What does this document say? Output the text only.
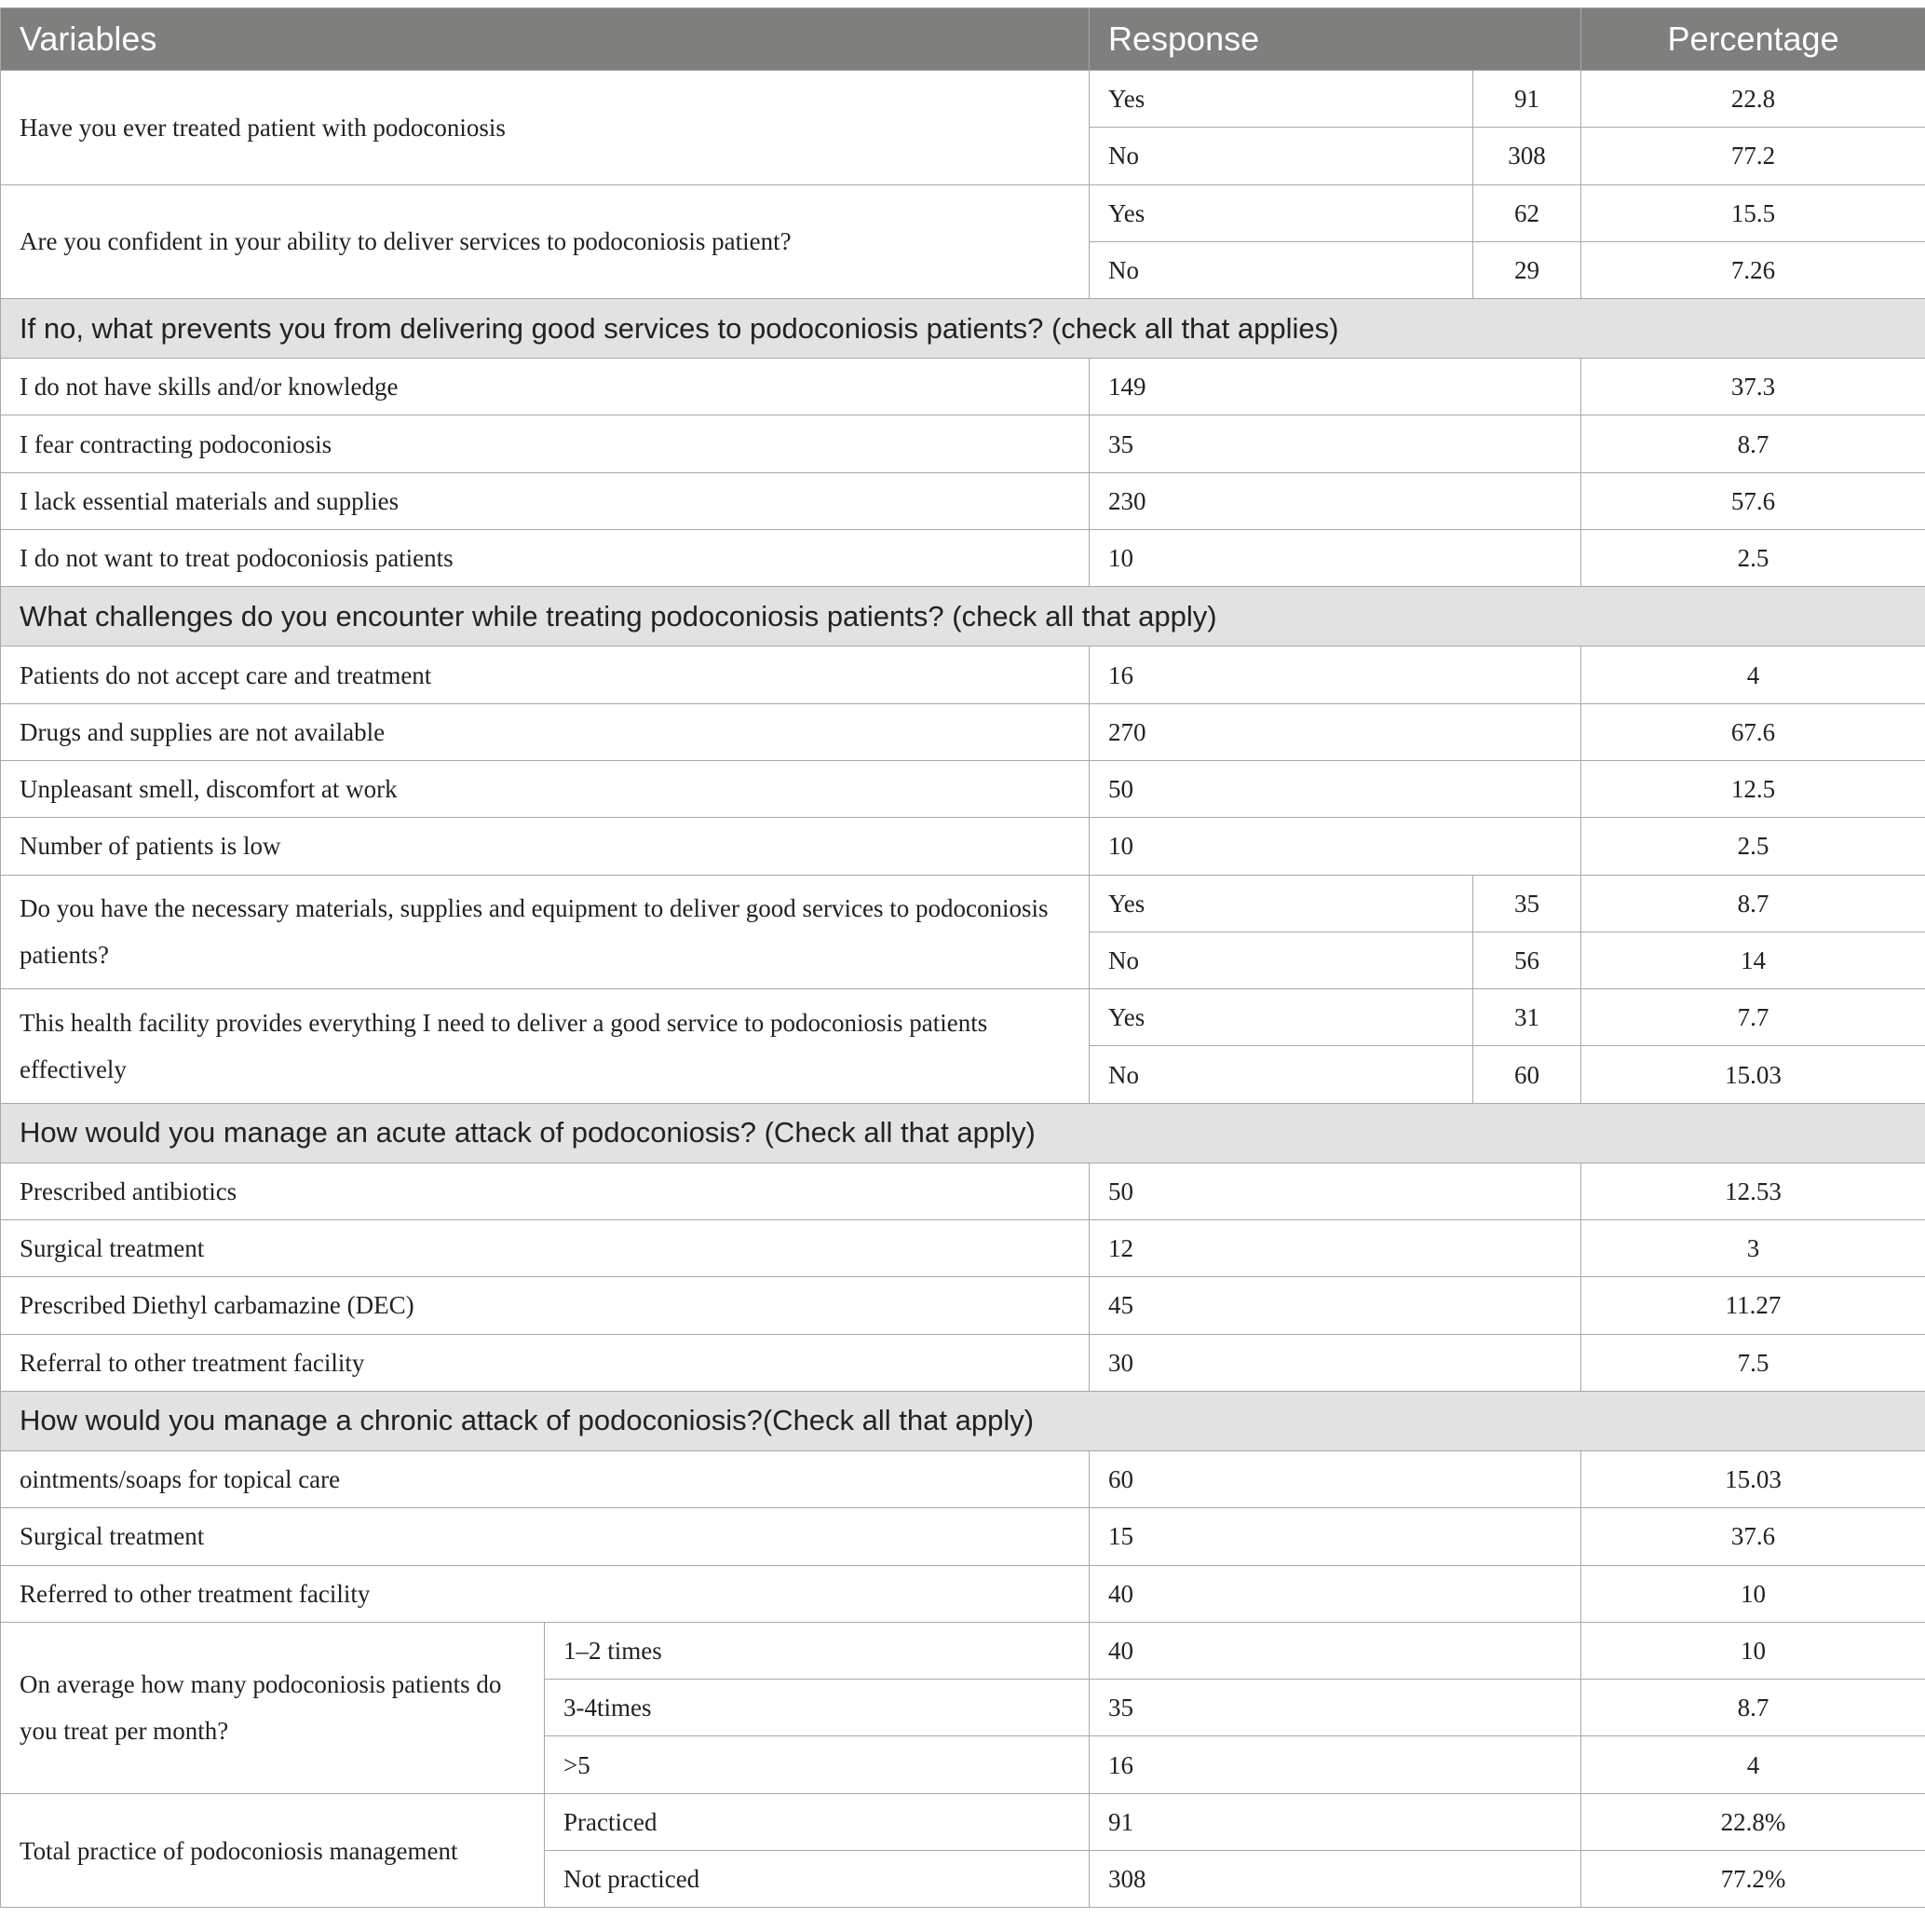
Variables		Response		Percentage
Have you ever treated patient with podoconiosis		Yes	91	22.8
		No	308	77.2
Are you confident in your ability to deliver services to podoconiosis patient?		Yes	62	15.5
		No	29	7.26
If no, what prevents you from delivering good services to podoconiosis patients? (check all that applies)				
I do not have skills and/or knowledge		149		37.3
I fear contracting podoconiosis		35		8.7
I lack essential materials and supplies		230		57.6
I do not want to treat podoconiosis patients		10		2.5
What challenges do you encounter while treating podoconiosis patients? (check all that apply)				
Patients do not accept care and treatment		16		4
Drugs and supplies are not available		270		67.6
Unpleasant smell, discomfort at work		50		12.5
Number of patients is low		10		2.5
Do you have the necessary materials, supplies and equipment to deliver good services to podoconiosis patients?		Yes	35	8.7
		No	56	14
This health facility provides everything I need to deliver a good service to podoconiosis patients effectively		Yes	31	7.7
		No	60	15.03
How would you manage an acute attack of podoconiosis? (Check all that apply)				
Prescribed antibiotics		50		12.53
Surgical treatment		12		3
Prescribed Diethyl carbamazine (DEC)		45		11.27
Referral to other treatment facility		30		7.5
How would you manage a chronic attack of podoconiosis?(Check all that apply)				
ointments/soaps for topical care		60		15.03
Surgical treatment		15		37.6
Referred to other treatment facility		40		10
On average how many podoconiosis patients do you treat per month?	1–2 times	40		10
	3-4times	35		8.7
	>5	16		4
Total practice of podoconiosis management	Practiced	91		22.8%
	Not practiced	308		77.2%
